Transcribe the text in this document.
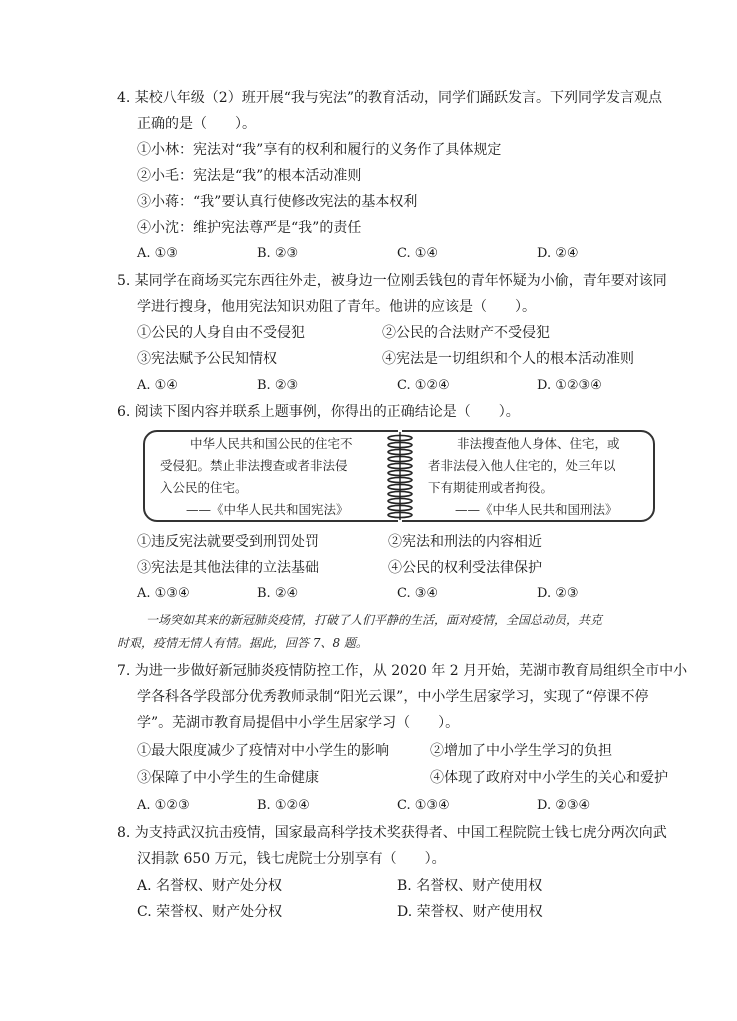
4. 某校八年级（2）班开展“我与宪法”的教育活动，同学们踊跃发言。下列同学发言观点
正确的是（　　）。
①小林：宪法对“我”享有的权利和履行的义务作了具体规定
②小毛：宪法是“我”的根本活动准则
③小蒋：“我”要认真行使修改宪法的基本权利
④小沈：维护宪法尊严是“我”的责任
A. ①③	B. ②③	C. ①④	D. ②④
5. 某同学在商场买完东西往外走，被身边一位刚丢钱包的青年怀疑为小偷，青年要对该同
学进行搜身，他用宪法知识劝阻了青年。他讲的应该是（　　）。
①公民的人身自由不受侵犯	②公民的合法财产不受侵犯
③宪法赋予公民知情权	④宪法是一切组织和个人的根本活动准则
A. ①④	B. ②③	C. ①②④	D. ①②③④
6. 阅读下图内容并联系上题事例，你得出的正确结论是（　　）。
中华人民共和国公民的住宅不
受侵犯。禁止非法搜查或者非法侵
入公民的住宅。
——《中华人民共和国宪法》
非法搜查他人身体、住宅，或
者非法侵入他人住宅的，处三年以
下有期徒刑或者拘役。
——《中华人民共和国刑法》
①违反宪法就要受到刑罚处罚	②宪法和刑法的内容相近
③宪法是其他法律的立法基础	④公民的权利受法律保护
A. ①③④	B. ②④	C. ③④	D. ②③
一场突如其来的新冠肺炎疫情，打破了人们平静的生活，面对疫情，全国总动员，共克
时艰，疫情无情人有情。据此，回答 7、8 题。
7. 为进一步做好新冠肺炎疫情防控工作，从 2020 年 2 月开始，芜湖市教育局组织全市中小
学各科各学段部分优秀教师录制“阳光云课”，中小学生居家学习，实现了“停课不停
学”。芜湖市教育局提倡中小学生居家学习（　　）。
①最大限度减少了疫情对中小学生的影响	②增加了中小学生学习的负担
③保障了中小学生的生命健康	④体现了政府对中小学生的关心和爱护
A. ①②③	B. ①②④	C. ①③④	D. ②③④
8. 为支持武汉抗击疫情，国家最高科学技术奖获得者、中国工程院院士钱七虎分两次向武
汉捐款 650 万元，钱七虎院士分别享有（　　）。
A. 名誉权、财产处分权	B. 名誉权、财产使用权
C. 荣誉权、财产处分权	D. 荣誉权、财产使用权
